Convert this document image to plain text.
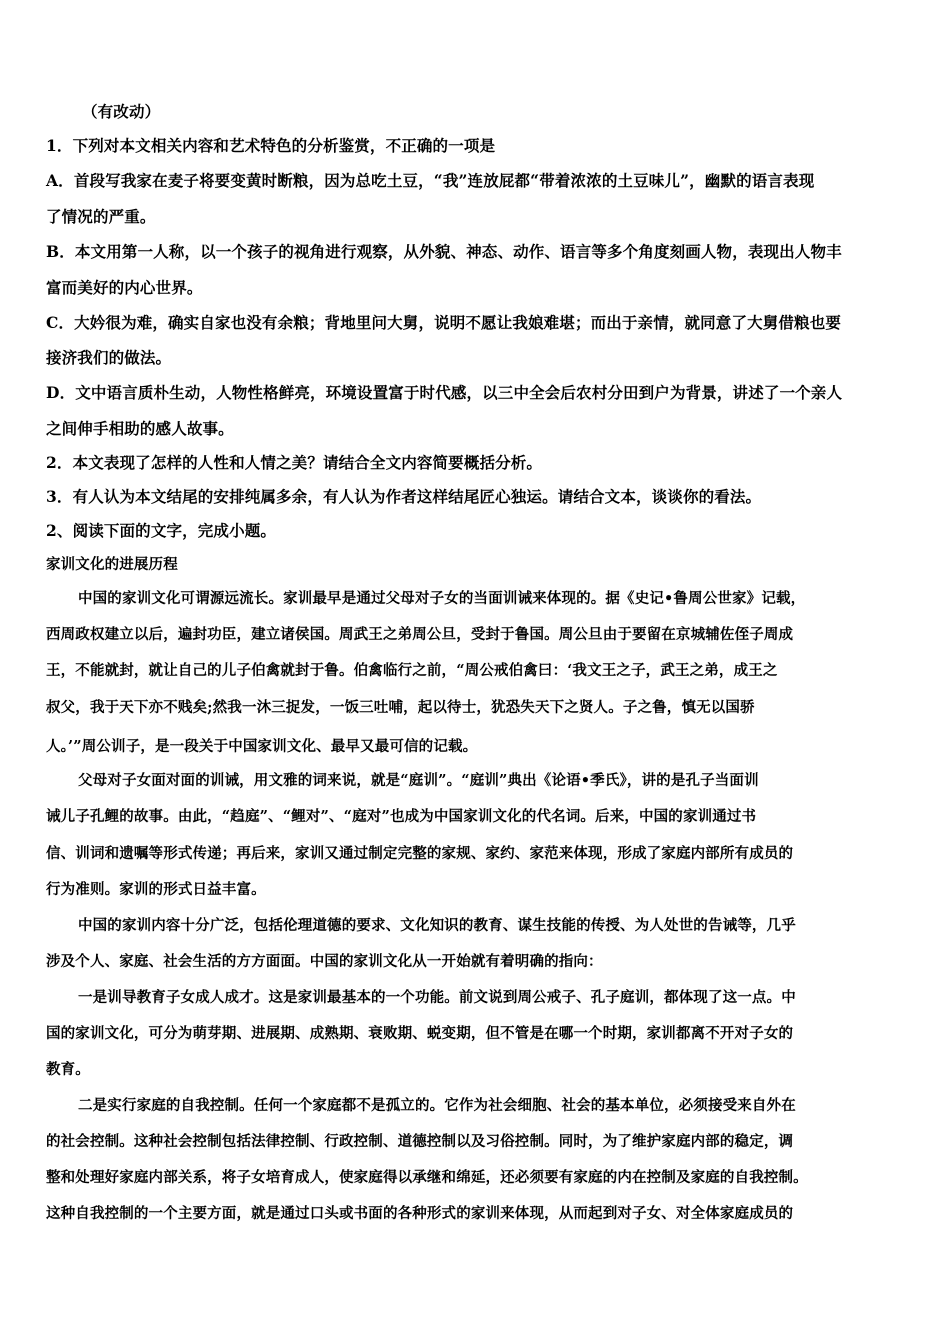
（有改动）
1．下列对本文相关内容和艺术特色的分析鉴赏，不正确的一项是
A．首段写我家在麦子将要变黄时断粮，因为总吃土豆，“我”连放屁都“带着浓浓的土豆味儿”，幽默的语言表现
了情况的严重。
B．本文用第一人称，以一个孩子的视角进行观察，从外貌、神态、动作、语言等多个角度刻画人物，表现出人物丰
富而美好的内心世界。
C．大妗很为难，确实自家也没有余粮；背地里问大舅，说明不愿让我娘难堪；而出于亲情，就同意了大舅借粮也要
接济我们的做法。
D．文中语言质朴生动，人物性格鲜亮，环境设置富于时代感，以三中全会后农村分田到户为背景，讲述了一个亲人
之间伸手相助的感人故事。
2．本文表现了怎样的人性和人情之美？请结合全文内容简要概括分析。
3．有人认为本文结尾的安排纯属多余，有人认为作者这样结尾匠心独运。请结合文本，谈谈你的看法。
2、阅读下面的文字，完成小题。
家训文化的进展历程
中国的家训文化可谓源远流长。家训最早是通过父母对子女的当面训诫来体现的。据《史记•鲁周公世家》记载，
西周政权建立以后，遍封功臣，建立诸侯国。周武王之弟周公旦，受封于鲁国。周公旦由于要留在京城辅佐侄子周成
王，不能就封，就让自己的儿子伯禽就封于鲁。伯禽临行之前，“周公戒伯禽曰：‘我文王之子，武王之弟，成王之
叔父，我于天下亦不贱矣;然我一沐三捉发，一饭三吐哺，起以待士，犹恐失天下之贤人。子之鲁，慎无以国骄
人。’”周公训子，是一段关于中国家训文化、最早又最可信的记载。
父母对子女面对面的训诫，用文雅的词来说，就是“庭训”。“庭训”典出《论语•季氏》，讲的是孔子当面训
诫儿子孔鲤的故事。由此，“趋庭”、“鲤对”、“庭对”也成为中国家训文化的代名词。后来，中国的家训通过书
信、训词和遗嘱等形式传递；再后来，家训又通过制定完整的家规、家约、家范来体现，形成了家庭内部所有成员的
行为准则。家训的形式日益丰富。
中国的家训内容十分广泛，包括伦理道德的要求、文化知识的教育、谋生技能的传授、为人处世的告诫等，几乎
涉及个人、家庭、社会生活的方方面面。中国的家训文化从一开始就有着明确的指向：
一是训导教育子女成人成才。这是家训最基本的一个功能。前文说到周公戒子、孔子庭训，都体现了这一点。中
国的家训文化，可分为萌芽期、进展期、成熟期、衰败期、蜕变期，但不管是在哪一个时期，家训都离不开对子女的
教育。
二是实行家庭的自我控制。任何一个家庭都不是孤立的。它作为社会细胞、社会的基本单位，必须接受来自外在
的社会控制。这种社会控制包括法律控制、行政控制、道德控制以及习俗控制。同时，为了维护家庭内部的稳定，调
整和处理好家庭内部关系，将子女培育成人，使家庭得以承继和绵延，还必须要有家庭的内在控制及家庭的自我控制。
这种自我控制的一个主要方面，就是通过口头或书面的各种形式的家训来体现，从而起到对子女、对全体家庭成员的
